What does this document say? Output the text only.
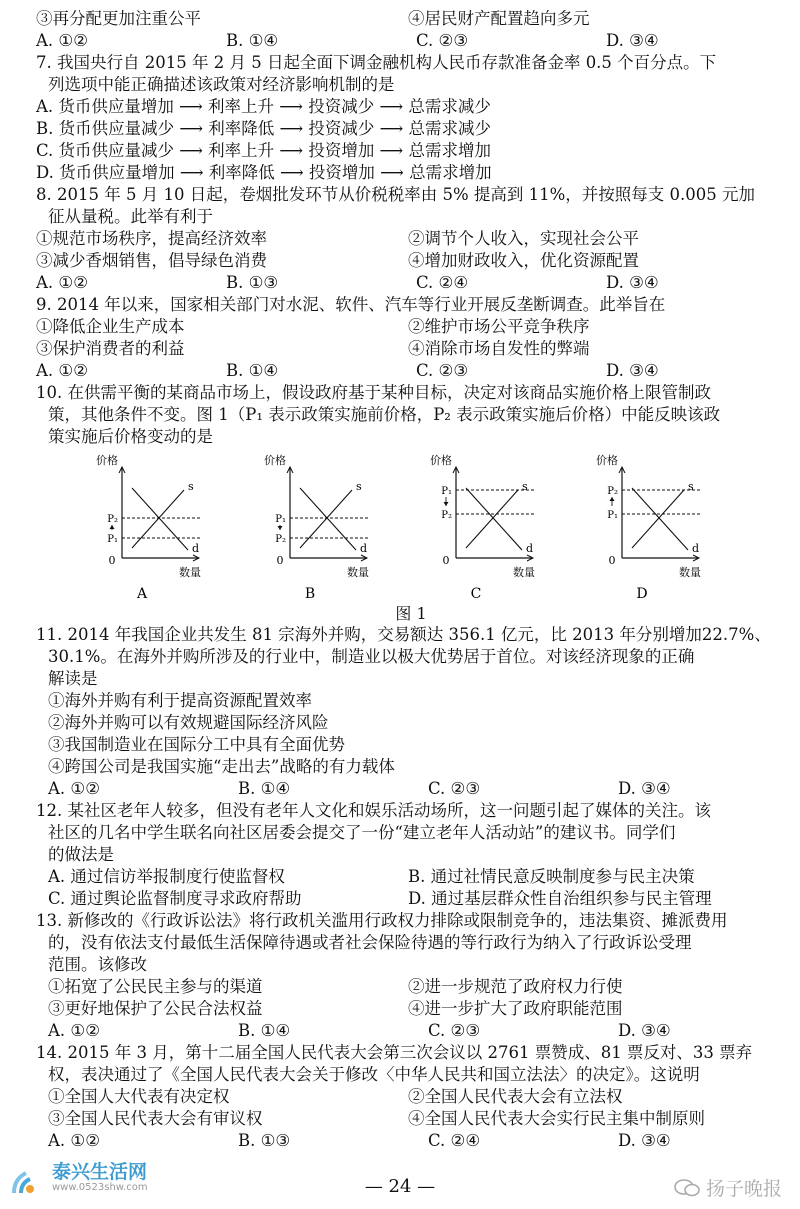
③再分配更加注重公平	④居民财产配置趋向多元
A. ①②	B. ①④	C. ②③	D. ③④
7. 我国央行自 2015 年 2 月 5 日起全面下调金融机构人民币存款准备金率 0.5 个百分点。下
列选项中能正确描述该政策对经济影响机制的是
A. 货币供应量增加 ⟶ 利率上升 ⟶ 投资减少 ⟶ 总需求减少
B. 货币供应量减少 ⟶ 利率降低 ⟶ 投资减少 ⟶ 总需求减少
C. 货币供应量减少 ⟶ 利率上升 ⟶ 投资增加 ⟶ 总需求增加
D. 货币供应量增加 ⟶ 利率降低 ⟶ 投资增加 ⟶ 总需求增加
8. 2015 年 5 月 10 日起，卷烟批发环节从价税税率由 5% 提高到 11%，并按照每支 0.005 元加
征从量税。此举有利于
①规范市场秩序，提高经济效率	②调节个人收入，实现社会公平
③减少香烟销售，倡导绿色消费	④增加财政收入，优化资源配置
A. ①②	B. ①③	C. ②④	D. ③④
9. 2014 年以来，国家相关部门对水泥、软件、汽车等行业开展反垄断调查。此举旨在
①降低企业生产成本	②维护市场公平竞争秩序
③保护消费者的利益	④消除市场自发性的弊端
A. ①②	B. ①④	C. ②③	D. ③④
10. 在供需平衡的某商品市场上，假设政府基于某种目标，决定对该商品实施价格上限管制政
策，其他条件不变。图 1（P₁ 表示政策实施前价格，P₂ 表示政策实施后价格）中能反映该政
策实施后价格变动的是
价格
数量
0
s
d
P₂
P₁
A
价格
数量
0
s
d
P₁
P₂
B
价格
数量
0
s
d
P₁
P₂
C
价格
数量
0
s
d
P₂
P₁
D
图 1
11. 2014 年我国企业共发生 81 宗海外并购，交易额达 356.1 亿元，比 2013 年分别增加22.7%、
30.1%。在海外并购所涉及的行业中，制造业以极大优势居于首位。对该经济现象的正确
解读是
①海外并购有利于提高资源配置效率
②海外并购可以有效规避国际经济风险
③我国制造业在国际分工中具有全面优势
④跨国公司是我国实施“走出去”战略的有力载体
A. ①②	B. ①④	C. ②③	D. ③④
12. 某社区老年人较多，但没有老年人文化和娱乐活动场所，这一问题引起了媒体的关注。该
社区的几名中学生联名向社区居委会提交了一份“建立老年人活动站”的建议书。同学们
的做法是
A. 通过信访举报制度行使监督权	B. 通过社情民意反映制度参与民主决策
C. 通过舆论监督制度寻求政府帮助	D. 通过基层群众性自治组织参与民主管理
13. 新修改的《行政诉讼法》将行政机关滥用行政权力排除或限制竞争的，违法集资、摊派费用
的，没有依法支付最低生活保障待遇或者社会保险待遇的等行政行为纳入了行政诉讼受理
范围。该修改
①拓宽了公民民主参与的渠道	②进一步规范了政府权力行使
③更好地保护了公民合法权益	④进一步扩大了政府职能范围
A. ①②	B. ①④	C. ②③	D. ③④
14. 2015 年 3 月，第十二届全国人民代表大会第三次会议以 2761 票赞成、81 票反对、33 票弃
权，表决通过了《全国人民代表大会关于修改〈中华人民共和国立法法〉的决定》。这说明
①全国人大代表有决定权	②全国人民代表大会有立法权
③全国人民代表大会有审议权	④全国人民代表大会实行民主集中制原则
A. ①②	B. ①③	C. ②④	D. ③④
泰兴生活网
www.0523shw.com	— 24 —	扬子晚报
